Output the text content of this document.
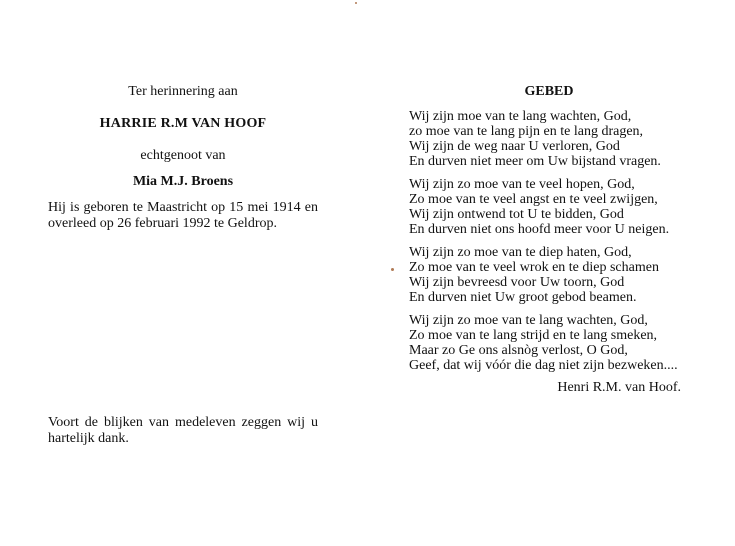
Ter herinnering aan
HARRIE R.M VAN HOOF
echtgenoot van
Mia M.J. Broens
Hij is geboren te Maastricht op 15 mei 1914 en overleed op 26 februari 1992 te Geldrop.
Voort de blijken van medeleven zeggen wij u hartelijk dank.
GEBED
Wij zijn moe van te lang wachten, God,
zo moe van te lang pijn en te lang dragen,
Wij zijn de weg naar U verloren, God
En durven niet meer om Uw bijstand vragen.
Wij zijn zo moe van te veel hopen, God,
Zo moe van te veel angst en te veel zwijgen,
Wij zijn ontwend tot U te bidden, God
En durven niet ons hoofd meer voor U neigen.
Wij zijn zo moe van te diep haten, God,
Zo moe van te veel wrok en te diep schamen
Wij zijn bevreesd voor Uw toorn, God
En durven niet Uw groot gebod beamen.
Wij zijn zo moe van te lang wachten, God,
Zo moe van te lang strijd en te lang smeken,
Maar zo Ge ons alsnòg verlost, O God,
Geef, dat wij vóór die dag niet zijn bezweken....
Henri R.M. van Hoof.
